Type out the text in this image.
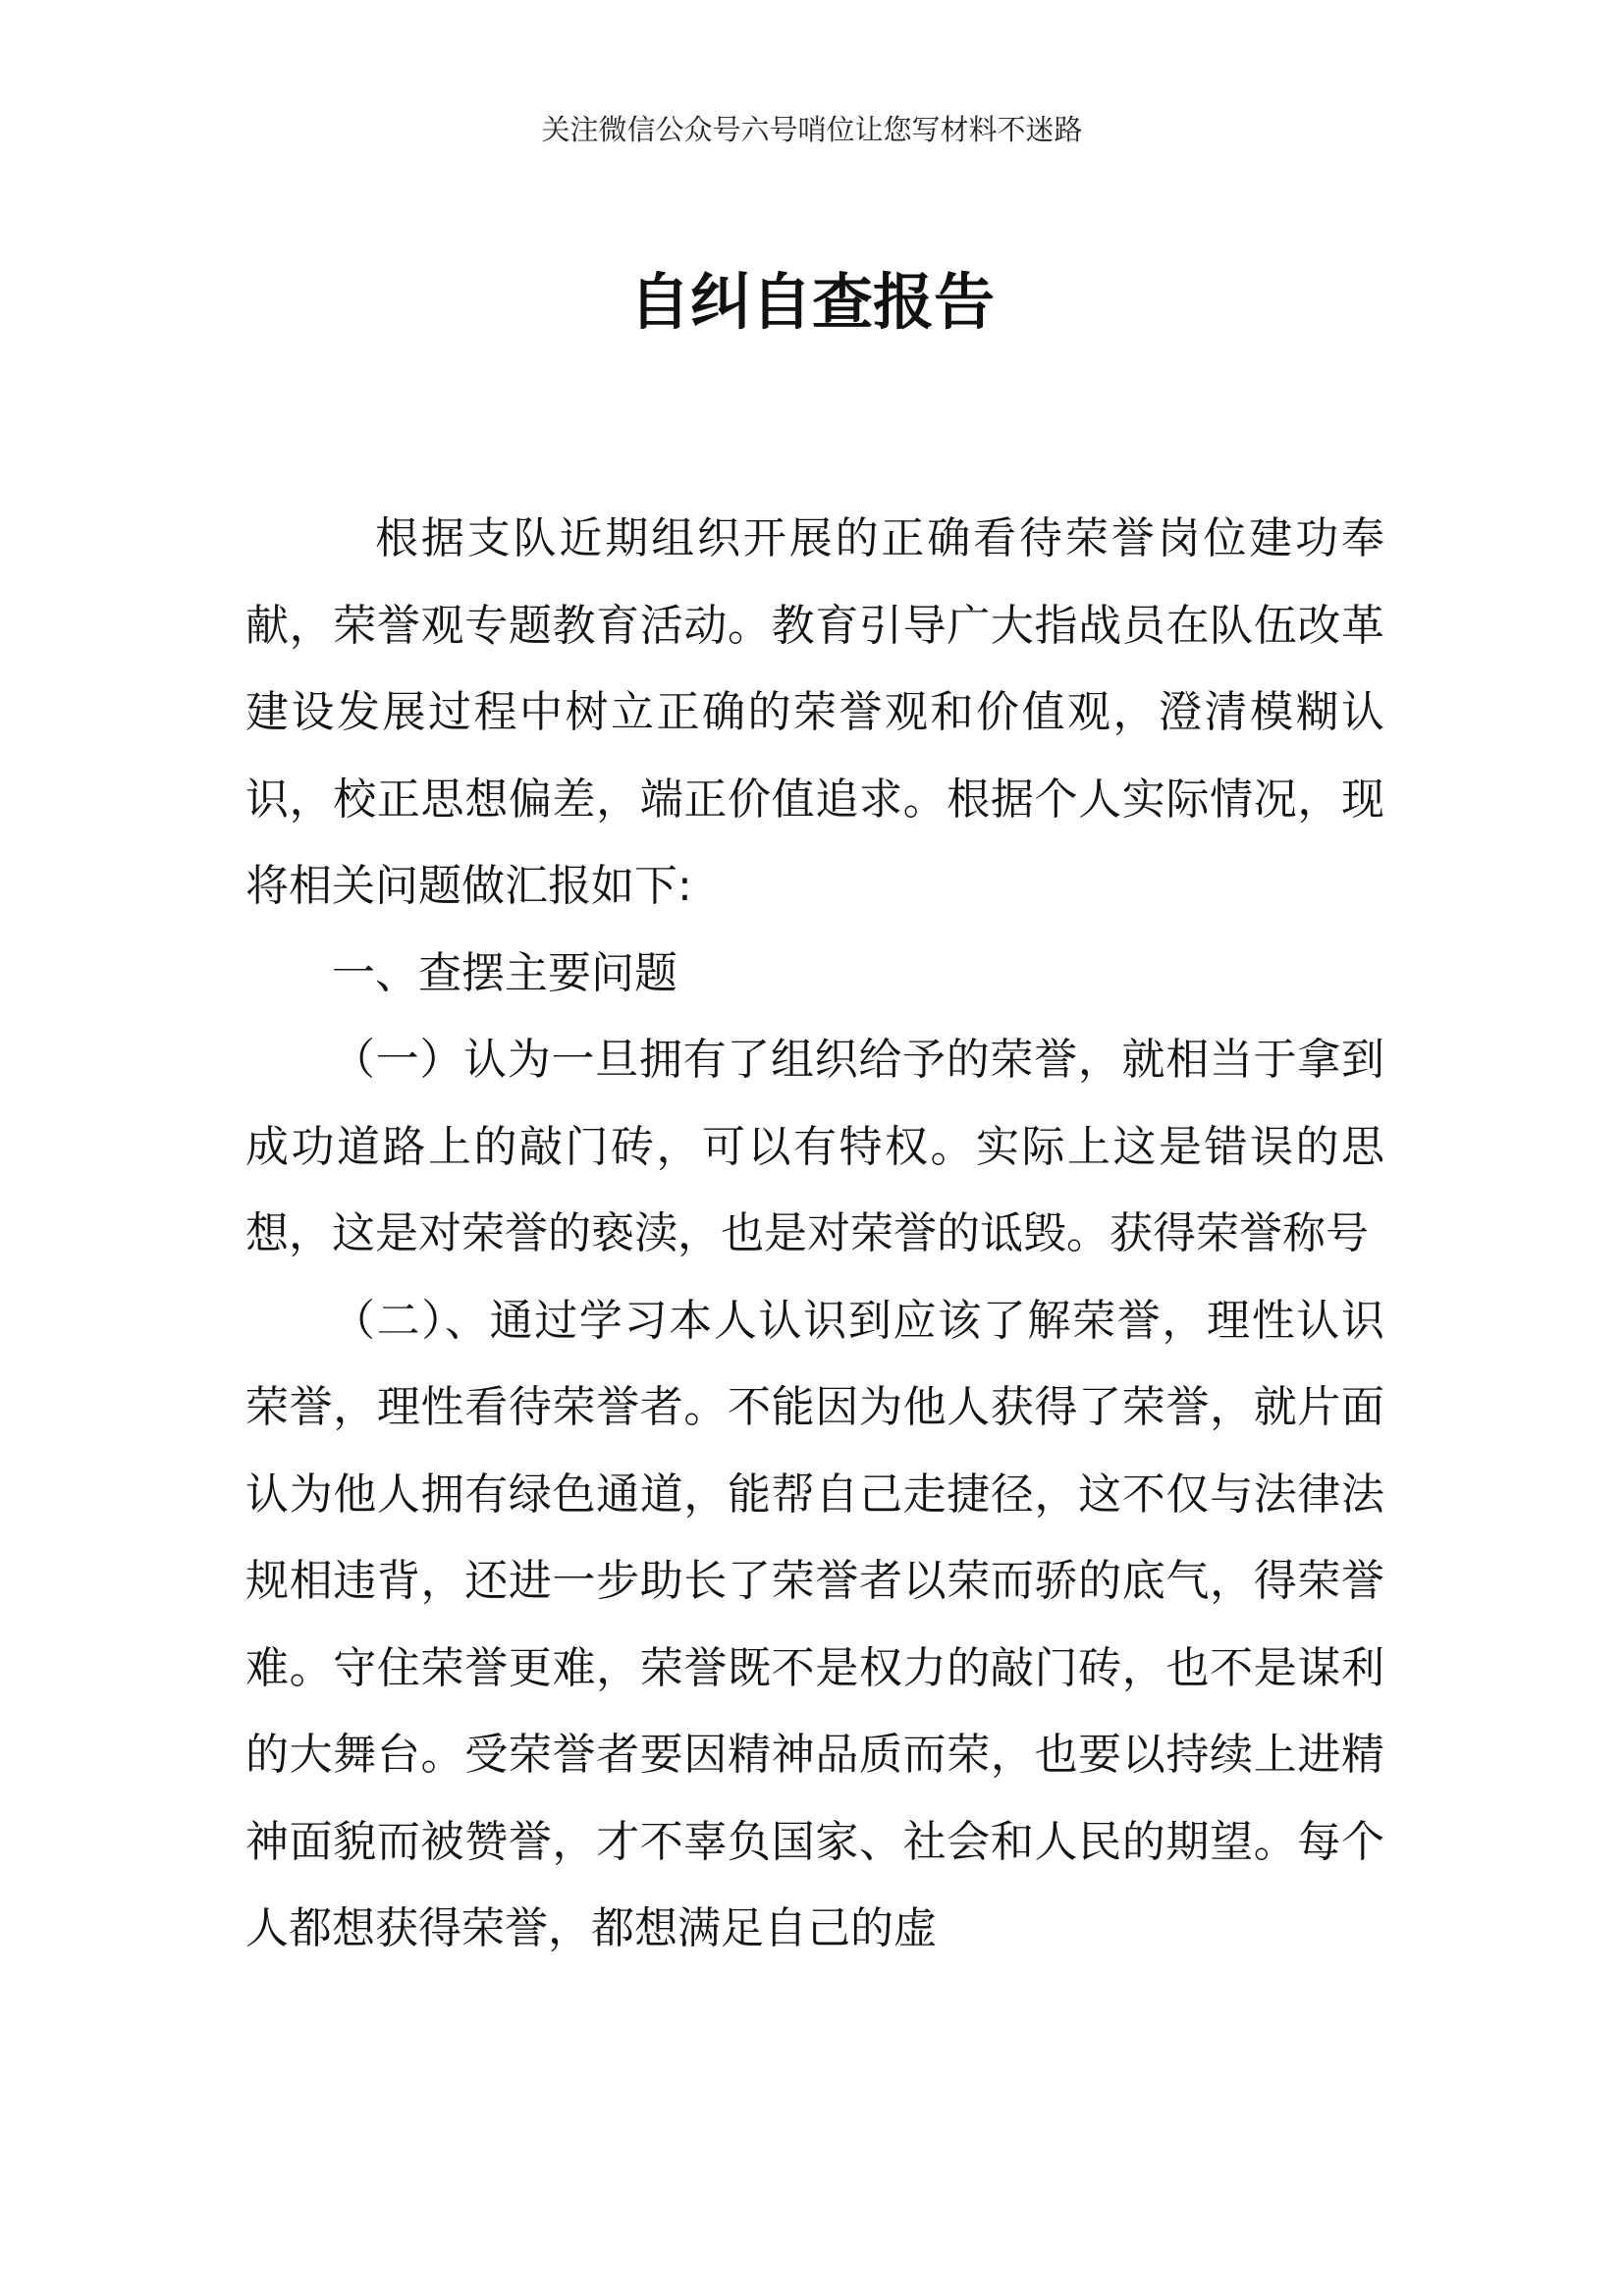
关注微信公众号六号哨位让您写材料不迷路
自纠自查报告

根据支队近期组织开展的正确看待荣誉岗位建功奉献，荣誉观专题教育活动。教育引导广大指战员在队伍改革建设发展过程中树立正确的荣誉观和价值观，澄清模糊认识，校正思想偏差，端正价值追求。根据个人实际情况，现将相关问题做汇报如下:

一、查摆主要问题

（一）认为一旦拥有了组织给予的荣誉，就相当于拿到成功道路上的敲门砖，可以有特权。实际上这是错误的思想，这是对荣誉的亵渎，也是对荣誉的诋毁。获得荣誉称号

（二）、通过学习本人认识到应该了解荣誉，理性认识荣誉，理性看待荣誉者。不能因为他人获得了荣誉，就片面认为他人拥有绿色通道，能帮自己走捷径，这不仅与法律法规相违背，还进一步助长了荣誉者以荣而骄的底气，得荣誉难。守住荣誉更难，荣誉既不是权力的敲门砖，也不是谋利的大舞台。受荣誉者要因精神品质而荣，也要以持续上进精神面貌而被赞誉，才不辜负国家、社会和人民的期望。每个人都想获得荣誉，都想满足自己的虚
